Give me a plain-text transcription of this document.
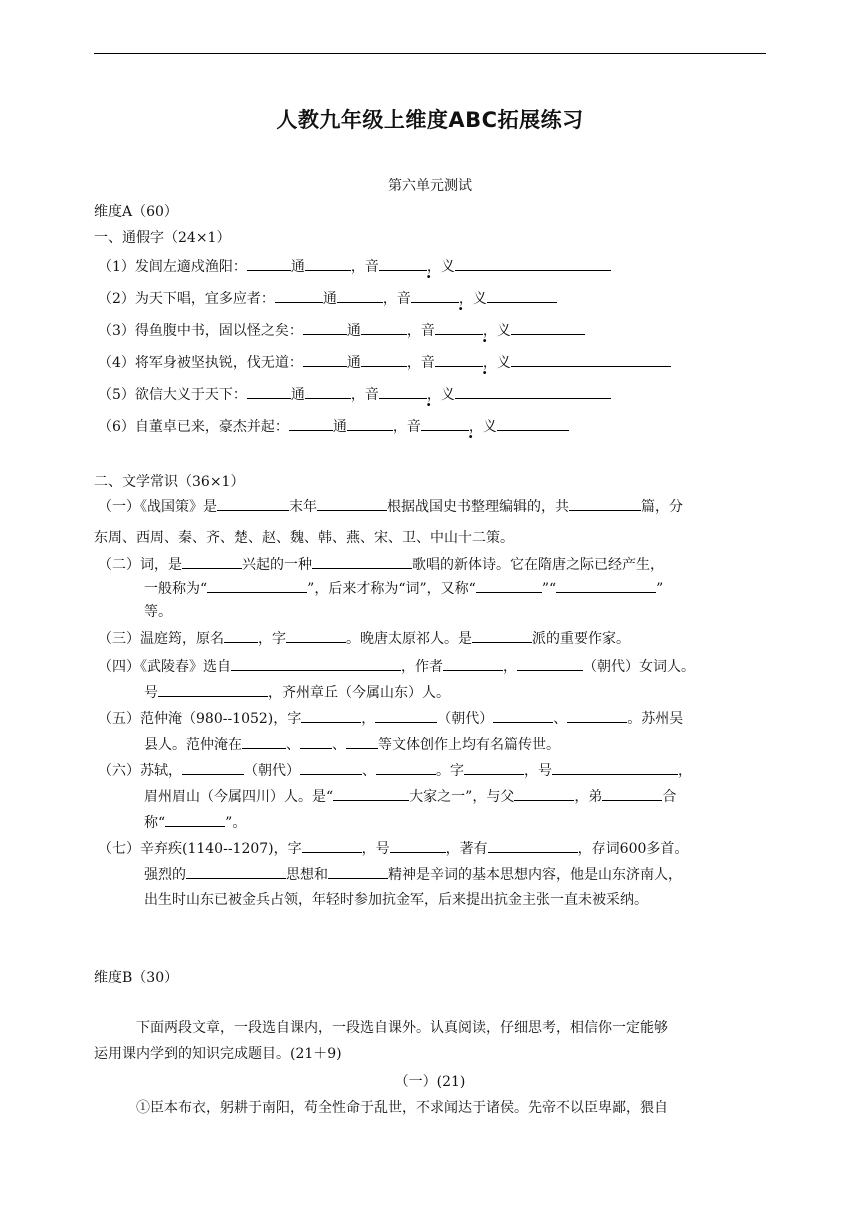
人教九年级上维度ABC拓展练习
第六单元测试
维度A（60）
一、通假字（24×1）
（1）发闾左適戍渔阳：	通	，音	， .义
（2）为天下唱，宜多应者：	通	，音	， .义
（3）得鱼腹中书，固以怪之矣：	通	，音	， .义
（4）将军身被坚执锐，伐无道：	通	，音	， .义
（5）欲信大义于天下：	通	，音	， .义
（6）自董卓已来，豪杰并起：	通	，音	， .义
二、文学常识（36×1）
（一）《战国策》是	末年	根据战国史书整理编辑的，共	篇，分
东周、西周、秦、齐、楚、赵、魏、韩、燕、宋、卫、中山十二策。
（二）词，是	兴起的一种	歌唱的新体诗。它在隋唐之际已经产生，
一般称为“	”，后来才称为“词”，又称“	”“	”
等。
（三）温庭筠，原名 ，字	。晚唐太原祁人。是	派的重要作家。
（四）《武陵春》选自	，作者	，	（朝代）女词人。
号	，齐州章丘（今属山东）人。
（五）范仲淹（980--1052)，字	，	（朝代）	、	。苏州吴
县人。范仲淹在	、 、 等文体创作上均有名篇传世。
（六）苏轼，	（朝代）	、	。字	，号	，
眉州眉山（今属四川）人。是“	大家之一”，与父	，弟	合
称“	”。
（七）辛弃疾(1140--1207)，字	，号	，著有	，存词600多首。
强烈的	思想和	精神是辛词的基本思想内容，他是山东济南人，
出生时山东已被金兵占领，年轻时参加抗金军，后来提出抗金主张一直未被采纳。
维度B（30）
下面两段文章，一段选自课内，一段选自课外。认真阅读，仔细思考，相信你一定能够
运用课内学到的知识完成题目。(21＋9)
（一）(21)
①臣本布衣，躬耕于南阳，苟全性命于乱世，不求闻达于诸侯。先帝不以臣卑鄙，猥自
